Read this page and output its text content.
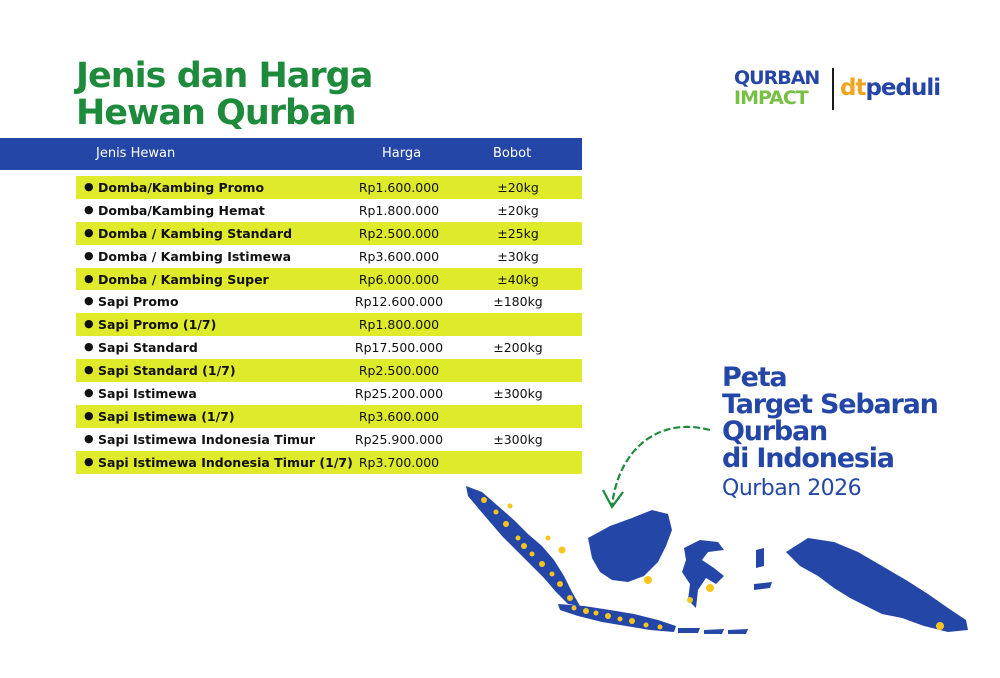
Jenis dan Harga
Hewan Qurban
QURBAN
IMPACT dtpeduli
Jenis Hewan	Harga	Bobot
● Domba/Kambing Promo	Rp1.600.000	±20kg
● Domba/Kambing Hemat	Rp1.800.000	±20kg
● Domba / Kambing Standard	Rp2.500.000	±25kg
● Domba / Kambing Istimewa	Rp3.600.000	±30kg
● Domba / Kambing Super	Rp6.000.000	±40kg
● Sapi Promo	Rp12.600.000	±180kg
● Sapi Promo (1/7)	Rp1.800.000
● Sapi Standard	Rp17.500.000	±200kg
● Sapi Standard (1/7)	Rp2.500.000
● Sapi Istimewa	Rp25.200.000	±300kg
● Sapi Istimewa (1/7)	Rp3.600.000
● Sapi Istimewa Indonesia Timur	Rp25.900.000	±300kg
● Sapi Istimewa Indonesia Timur (1/7) Rp3.700.000
Peta
Target Sebaran
Qurban
di Indonesia
Qurban 2026
